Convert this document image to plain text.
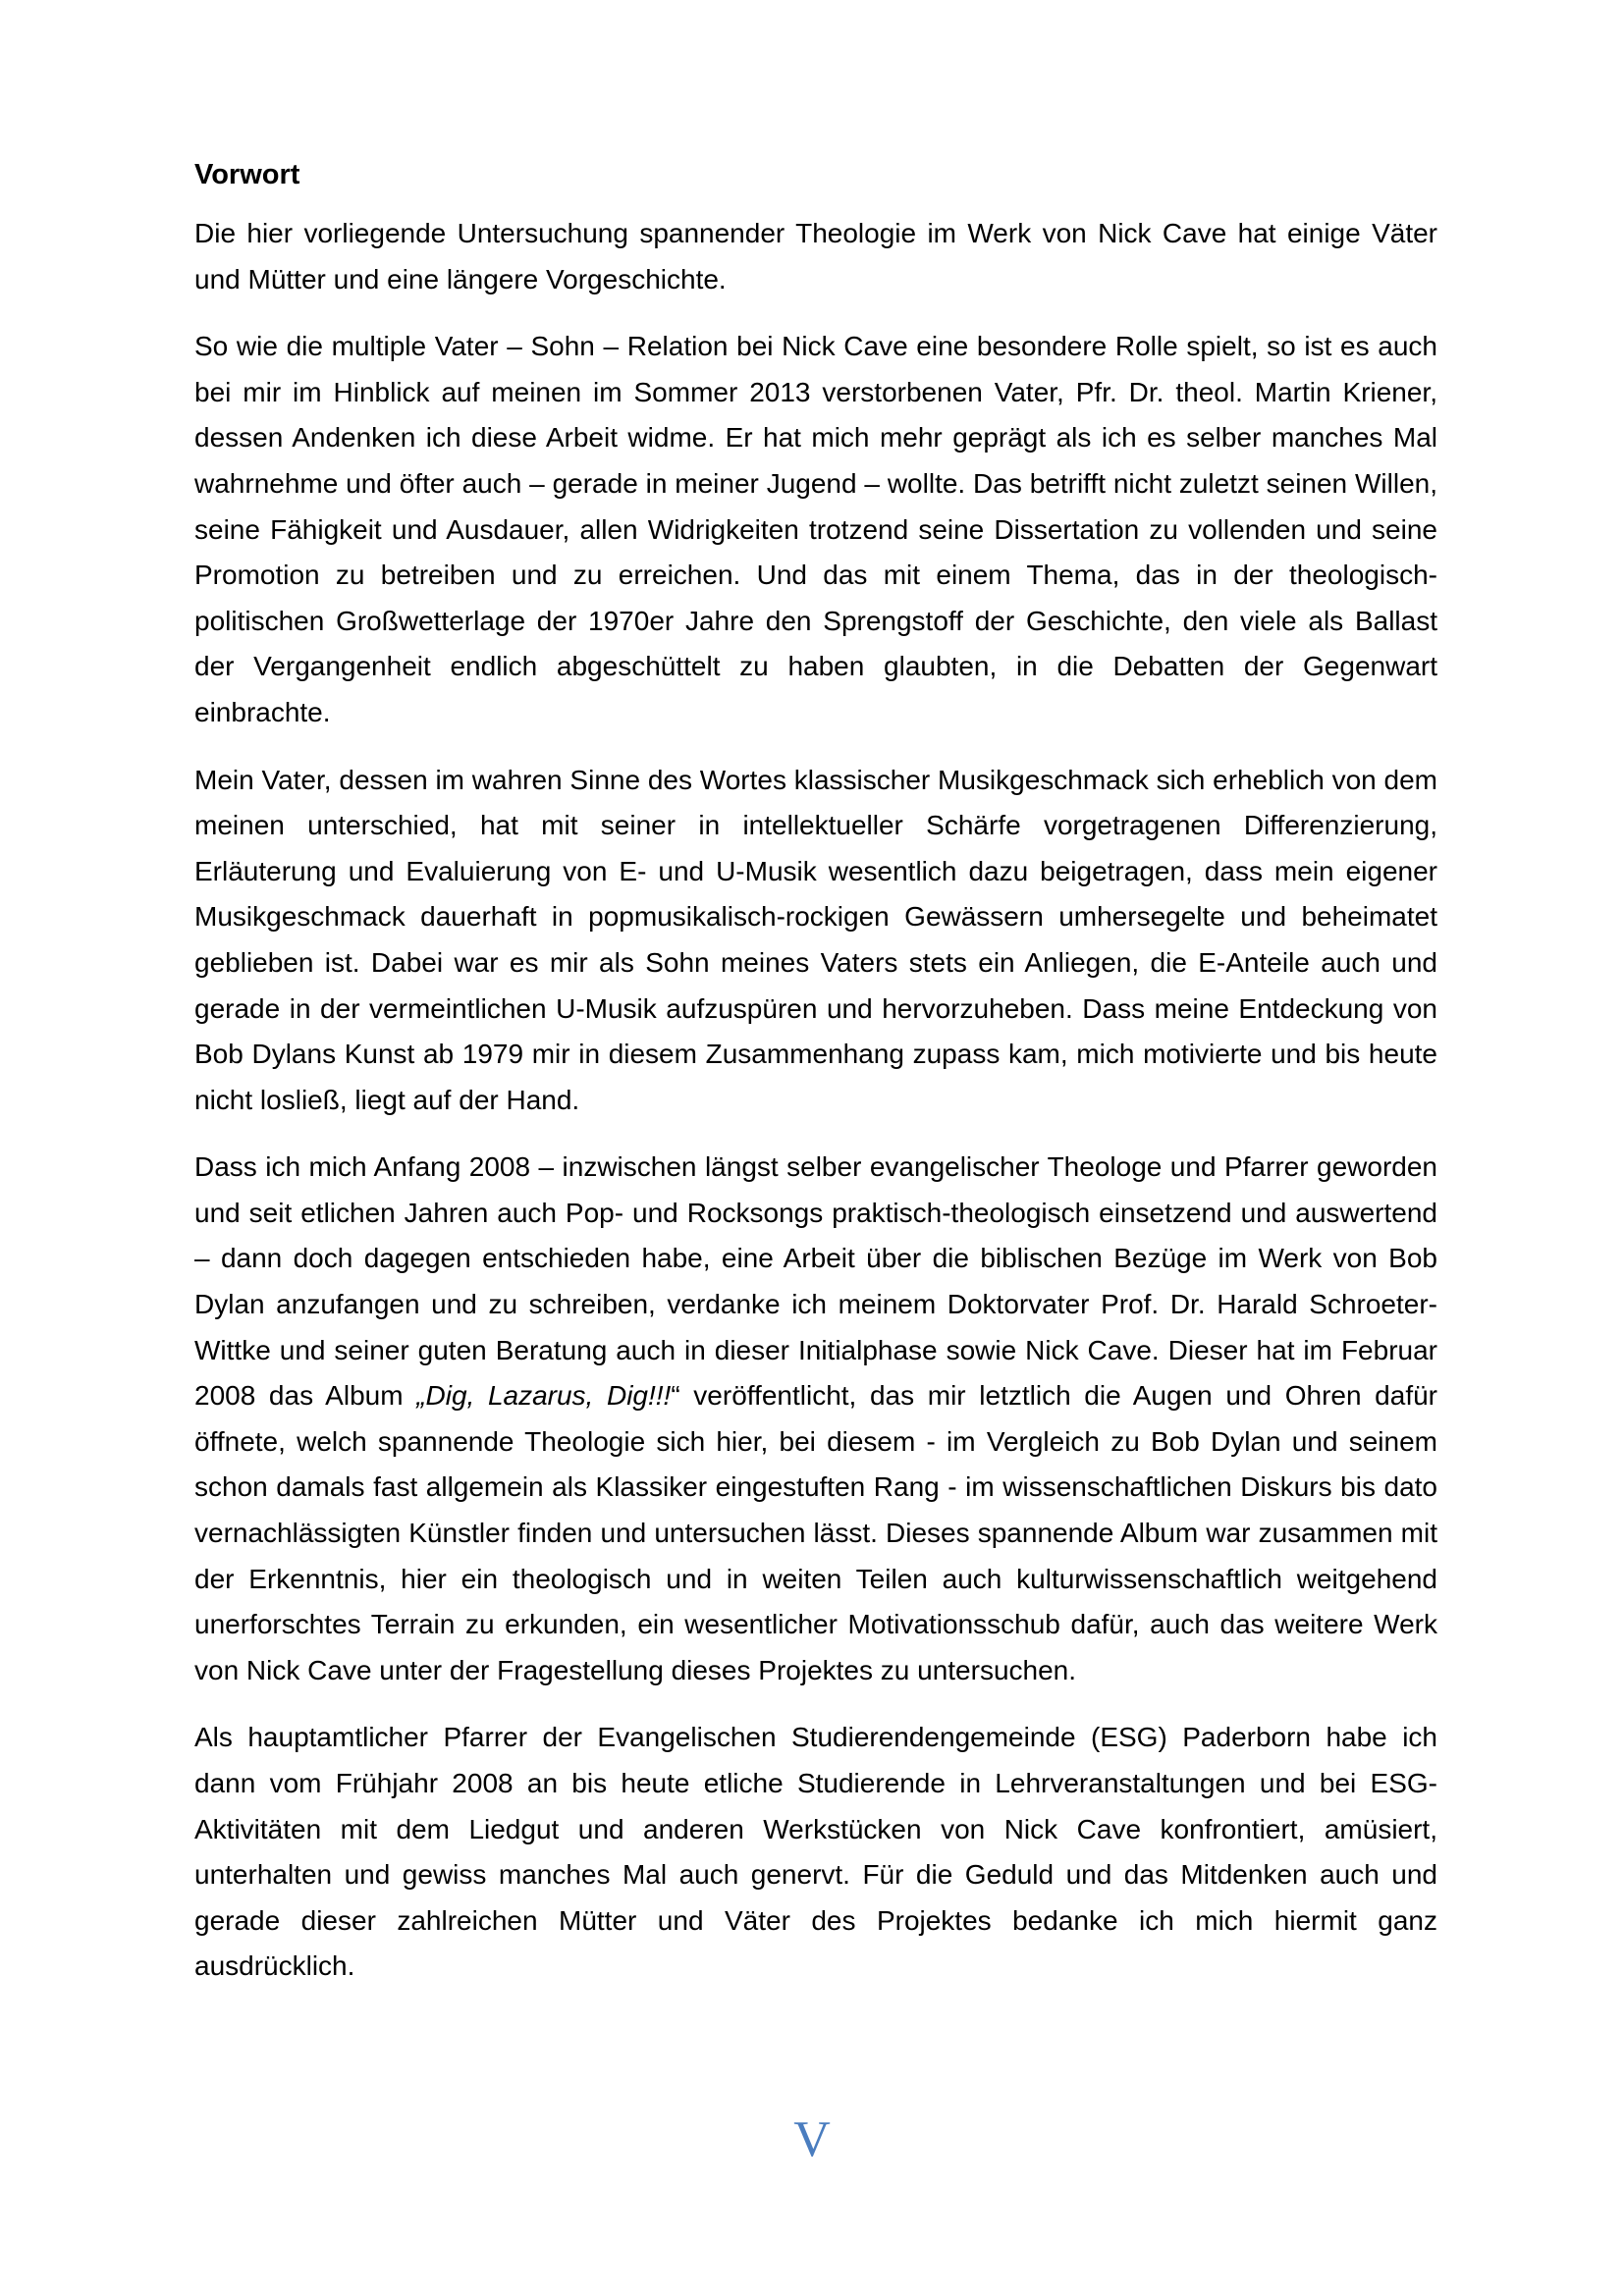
Vorwort

Die hier vorliegende Untersuchung spannender Theologie im Werk von Nick Cave hat einige Väter und Mütter und eine längere Vorgeschichte.

So wie die multiple Vater – Sohn – Relation bei Nick Cave eine besondere Rolle spielt, so ist es auch bei mir im Hinblick auf meinen im Sommer 2013 verstorbenen Vater, Pfr. Dr. theol. Martin Kriener, dessen Andenken ich diese Arbeit widme. Er hat mich mehr geprägt als ich es selber manches Mal wahrnehme und öfter auch – gerade in meiner Jugend – wollte. Das betrifft nicht zuletzt seinen Willen, seine Fähigkeit und Ausdauer, allen Widrigkeiten trotzend seine Dissertation zu vollenden und seine Promotion zu betreiben und zu erreichen. Und das mit einem Thema, das in der theologisch-politischen Großwetterlage der 1970er Jahre den Sprengstoff der Geschichte, den viele als Ballast der Vergangenheit endlich abgeschüttelt zu haben glaubten, in die Debatten der Gegenwart einbrachte.

Mein Vater, dessen im wahren Sinne des Wortes klassischer Musikgeschmack sich erheblich von dem meinen unterschied, hat mit seiner in intellektueller Schärfe vorgetragenen Differenzierung, Erläuterung und Evaluierung von E- und U-Musik wesentlich dazu beigetragen, dass mein eigener Musikgeschmack dauerhaft in popmusikalisch-rockigen Gewässern umhersegelte und beheimatet geblieben ist. Dabei war es mir als Sohn meines Vaters stets ein Anliegen, die E-Anteile auch und gerade in der vermeintlichen U-Musik aufzuspüren und hervorzuheben. Dass meine Entdeckung von Bob Dylans Kunst ab 1979 mir in diesem Zusammenhang zupass kam, mich motivierte und bis heute nicht losließ, liegt auf der Hand.

Dass ich mich Anfang 2008 – inzwischen längst selber evangelischer Theologe und Pfarrer geworden und seit etlichen Jahren auch Pop- und Rocksongs praktisch-theologisch einsetzend und auswertend – dann doch dagegen entschieden habe, eine Arbeit über die biblischen Bezüge im Werk von Bob Dylan anzufangen und zu schreiben, verdanke ich meinem Doktorvater Prof. Dr. Harald Schroeter-Wittke und seiner guten Beratung auch in dieser Initialphase sowie Nick Cave. Dieser hat im Februar 2008 das Album „Dig, Lazarus, Dig!!!“ veröffentlicht, das mir letztlich die Augen und Ohren dafür öffnete, welch spannende Theologie sich hier, bei diesem - im Vergleich zu Bob Dylan und seinem schon damals fast allgemein als Klassiker eingestuften Rang - im wissenschaftlichen Diskurs bis dato vernachlässigten Künstler finden und untersuchen lässt. Dieses spannende Album war zusammen mit der Erkenntnis, hier ein theologisch und in weiten Teilen auch kulturwissenschaftlich weitgehend unerforschtes Terrain zu erkunden, ein wesentlicher Motivationsschub dafür, auch das weitere Werk von Nick Cave unter der Fragestellung dieses Projektes zu untersuchen.

Als hauptamtlicher Pfarrer der Evangelischen Studierendengemeinde (ESG) Paderborn habe ich dann vom Frühjahr 2008 an bis heute etliche Studierende in Lehrveranstaltungen und bei ESG-Aktivitäten mit dem Liedgut und anderen Werkstücken von Nick Cave konfrontiert, amüsiert, unterhalten und gewiss manches Mal auch genervt. Für die Geduld und das Mitdenken auch und gerade dieser zahlreichen Mütter und Väter des Projektes bedanke ich mich hiermit ganz ausdrücklich.

V
